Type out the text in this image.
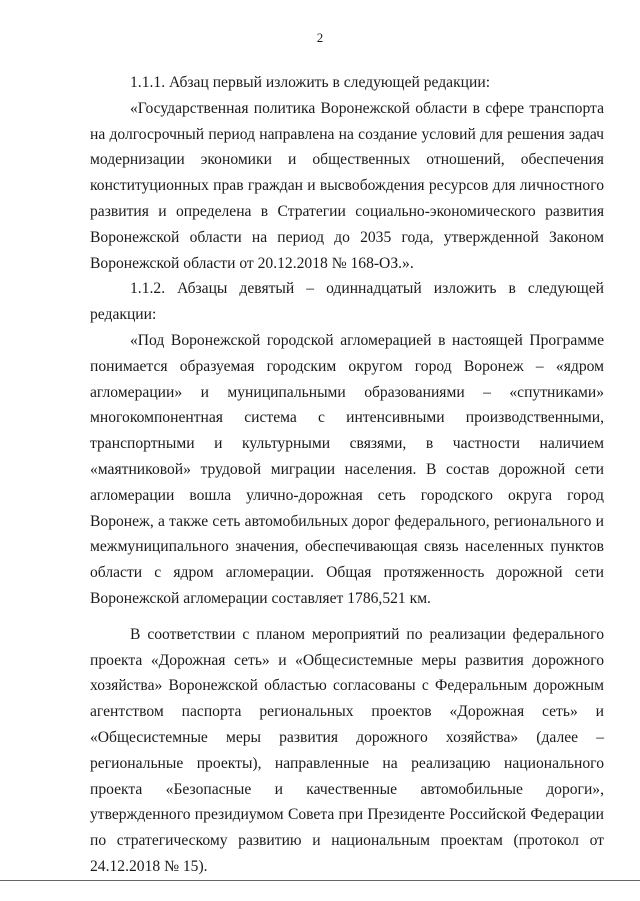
2

1.1.1. Абзац первый изложить в следующей редакции:

«Государственная политика Воронежской области в сфере транспорта на долгосрочный период направлена на создание условий для решения задач модернизации экономики и общественных отношений, обеспечения конституционных прав граждан и высвобождения ресурсов для личностного развития и определена в Стратегии социально-экономического развития Воронежской области на период до 2035 года, утвержденной Законом Воронежской области от 20.12.2018 № 168-ОЗ.».

1.1.2. Абзацы девятый – одиннадцатый изложить в следующей редакции:

«Под Воронежской городской агломерацией в настоящей Программе понимается образуемая городским округом город Воронеж – «ядром агломерации» и муниципальными образованиями – «спутниками» многокомпонентная система с интенсивными производственными, транспортными и культурными связями, в частности наличием «маятниковой» трудовой миграции населения. В состав дорожной сети агломерации вошла улично-дорожная сеть городского округа город Воронеж, а также сеть автомобильных дорог федерального, регионального и межмуниципального значения, обеспечивающая связь населенных пунктов области с ядром агломерации. Общая протяженность дорожной сети Воронежской агломерации составляет 1786,521 км.

В соответствии с планом мероприятий по реализации федерального проекта «Дорожная сеть» и «Общесистемные меры развития дорожного хозяйства» Воронежской областью согласованы с Федеральным дорожным агентством паспорта региональных проектов «Дорожная сеть» и «Общесистемные меры развития дорожного хозяйства» (далее – региональные проекты), направленные на реализацию национального проекта «Безопасные и качественные автомобильные дороги», утвержденного президиумом Совета при Президенте Российской Федерации по стратегическому развитию и национальным проектам (протокол от 24.12.2018 № 15).
